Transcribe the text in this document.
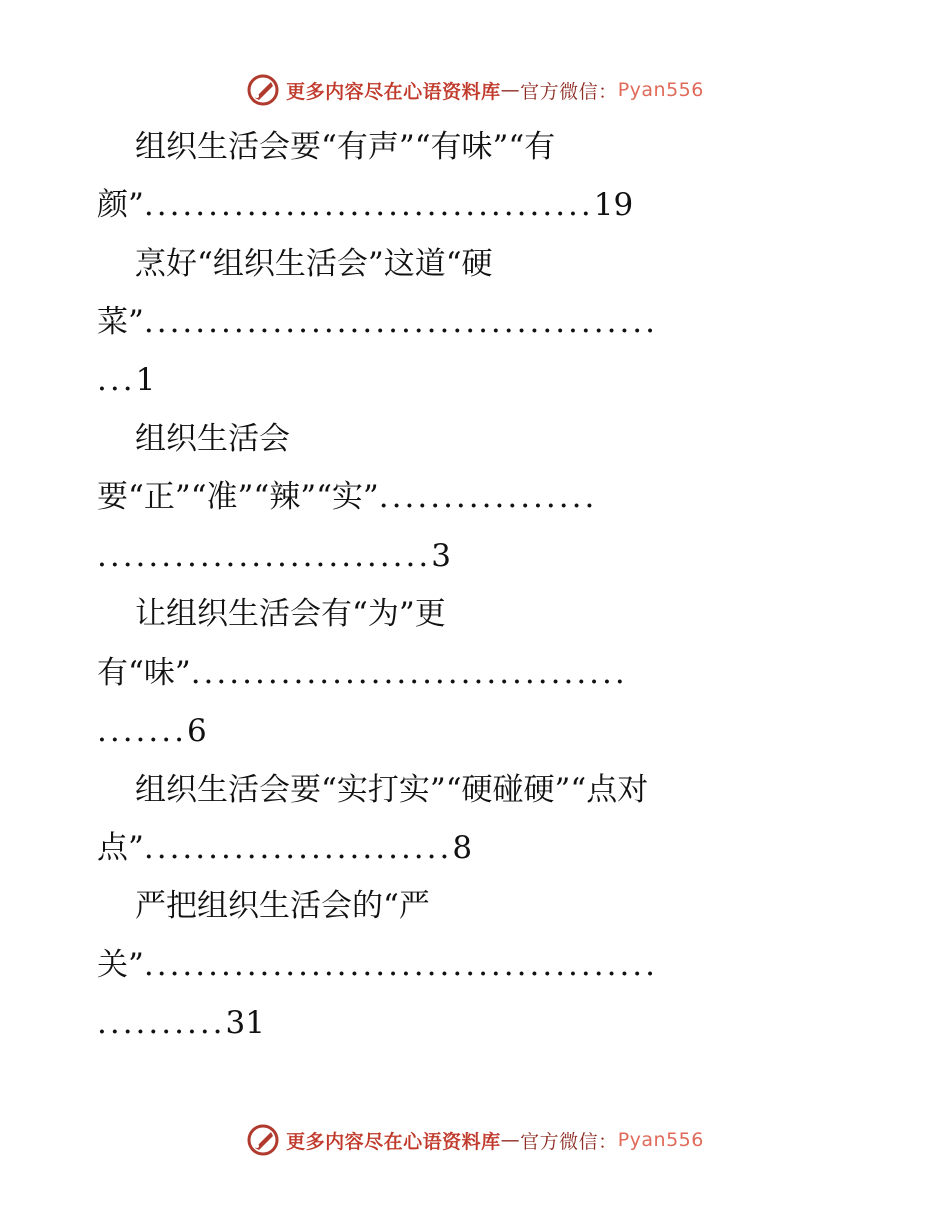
更多内容尽在心语资料库 — 官方微信： Pyan556
组织生活会要“有声”“有味”“有
颜”...................................19
烹好“组织生活会”这道“硬
菜”........................................
...1
组织生活会
要“正”“准”“辣”“实”.................
..........................3
让组织生活会有“为”更
有“味”..................................
.......6
组织生活会要“实打实”“硬碰硬”“点对
点”........................8
严把组织生活会的“严
关”........................................
..........31
更多内容尽在心语资料库 — 官方微信： Pyan556
